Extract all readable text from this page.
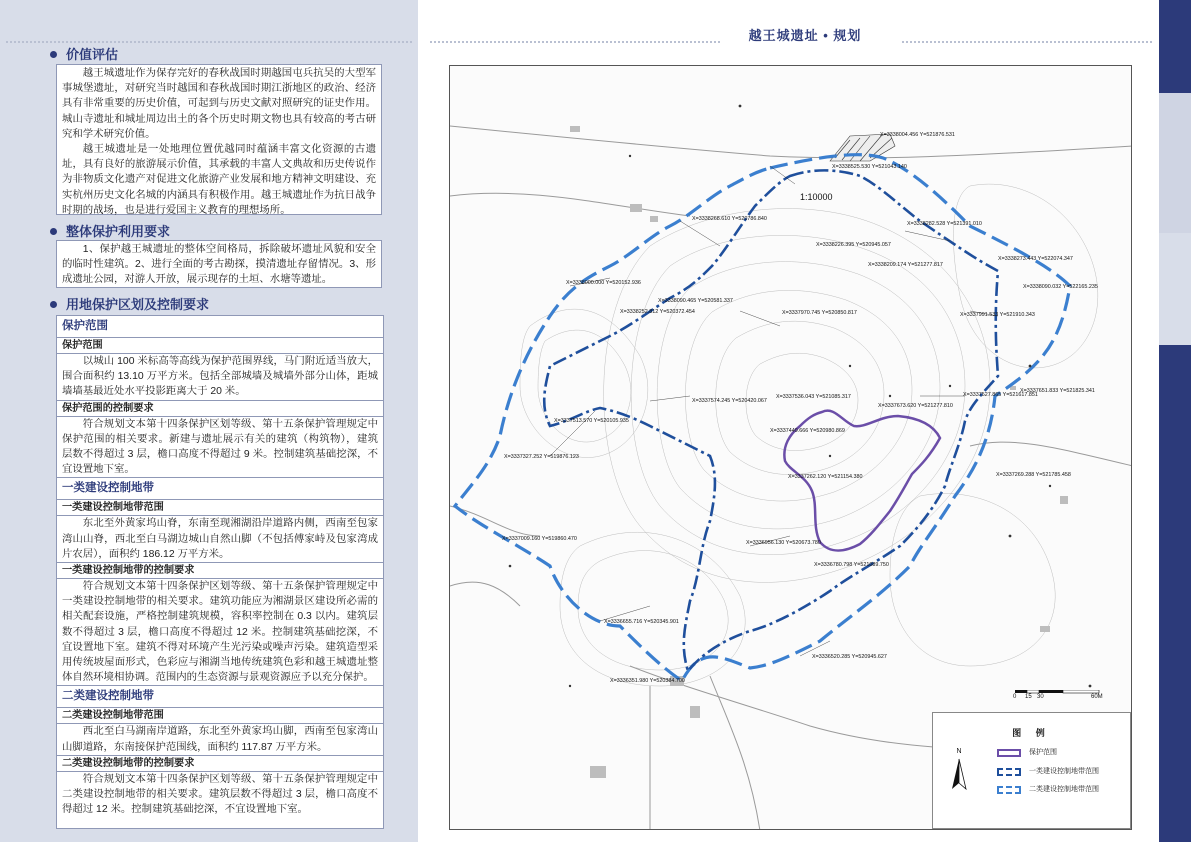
价值评估

越王城遗址作为保存完好的春秋战国时期越国屯兵抗吴的大型军事城堡遗址，对研究当时越国和春秋战国时期江浙地区的政治、经济具有非常重要的历史价值，可起到与历史文献对照研究的证史作用。城山寺遗址和城址周边出土的各个历史时期文物也具有较高的考古研究和学术研究价值。

越王城遗址是一处地理位置优越同时蕴涵丰富文化资源的古遗址，具有良好的旅游展示价值，其承载的丰富人文典故和历史传说作为非物质文化遗产对促进文化旅游产业发展和地方精神文明建设、充实杭州历史文化名城的内涵具有积极作用。越王城遗址作为抗日战争时期的战场，也是进行爱国主义教育的理想场所。

整体保护利用要求

1、保护越王城遗址的整体空间格局，拆除破坏遗址风貌和安全的临时性建筑。2、进行全面的考古勘探，摸清遗址存留情况。3、形成遗址公园，对游人开放，展示现存的土垣、水塘等遗址。

用地保护区划及控制要求
保护范围
保护范围

以城山 100 米标高等高线为保护范围界线，马门附近适当放大，围合面积约 13.10 万平方米。包括全部城墙及城墙外部分山体，距城墙墙基最近处水平投影距离大于 20 米。

保护范围的控制要求

符合规划文本第十四条保护区划等级、第十五条保护管理规定中保护范围的相关要求。新建与遗址展示有关的建筑（构筑物），建筑层数不得超过 3 层，檐口高度不得超过 9 米。控制建筑基础挖深，不宜设置地下室。

一类建设控制地带
一类建设控制地带范围

东北至外黄家坞山脊，东南至现湘湖沿岸道路内侧，西南至包家湾山山脊，西北至白马湖边城山自然山脚（不包括傅家峙及包家湾成片农居），面积约 186.12 万平方米。

一类建设控制地带的控制要求

符合规划文本第十四条保护区划等级、第十五条保护管理规定中一类建设控制地带的相关要求。建筑功能应为湘湖景区建设所必需的相关配套设施，严格控制建筑规模，容积率控制在 0.3 以内。建筑层数不得超过 3 层，檐口高度不得超过 12 米。控制建筑基础挖深，不宜设置地下室。建筑不得对环境产生光污染或噪声污染。建筑造型采用传统坡屋面形式，色彩应与湘湖当地传统建筑色彩和越王城遗址整体自然环境相协调。范围内的生态资源与景观资源应予以充分保护。

二类建设控制地带
二类建设控制地带范围

西北至白马湖南岸道路，东北至外黄家坞山脚，西南至包家湾山山脚道路，东南接保护范围线，面积约 117.87 万平方米。

二类建设控制地带的控制要求

符合规划文本第十四条保护区划等级、第十五条保护管理规定中二类建设控制地带的相关要求。建筑层数不得超过 3 层，檐口高度不得超过 12 米。控制建筑基础挖深，不宜设置地下室。

越王城遗址 • 规划
1:10000
X=3338004.456 Y=521876.531
X=3338525.530 Y=521043.140
X=3338268.610 Y=520786.840
X=3338282.528 Y=521391.010
X=3338226.395 Y=520945.057
X=3338209.174 Y=521277.817
X=3338273.443 Y=522074.347
X=3338000.000 Y=520152.936
X=3338090.465 Y=520581.337
X=3338090.032 Y=522165.235
X=3338252.812 Y=520372.454	X=3337970.745 Y=520850.817	X=3337991.533 Y=521910.343
X=3337651.833 Y=521825.341
X=3337574.245 Y=520420.067
X=3337536.043 Y=521085.317
X=3337673.620 Y=521277.810
X=3337527.865 Y=521617.851
X=3337513.570 Y=520105.935
X=3337449.666 Y=520980.869
X=3337327.252 Y=519876.123
X=3337262.120 Y=521154.380	X=3337269.288 Y=521785.458
X=3337009.160 Y=519860.470
X=3336956.130 Y=520673.780
X=3336780.798 Y=521089.750
X=3336655.716 Y=520345.901
X=3336520.285 Y=520945.627
X=3336351.980 Y=520384.700
0 15 30	60M
图 例
保护范围
一类建设控制地带范围
二类建设控制地带范围
N
